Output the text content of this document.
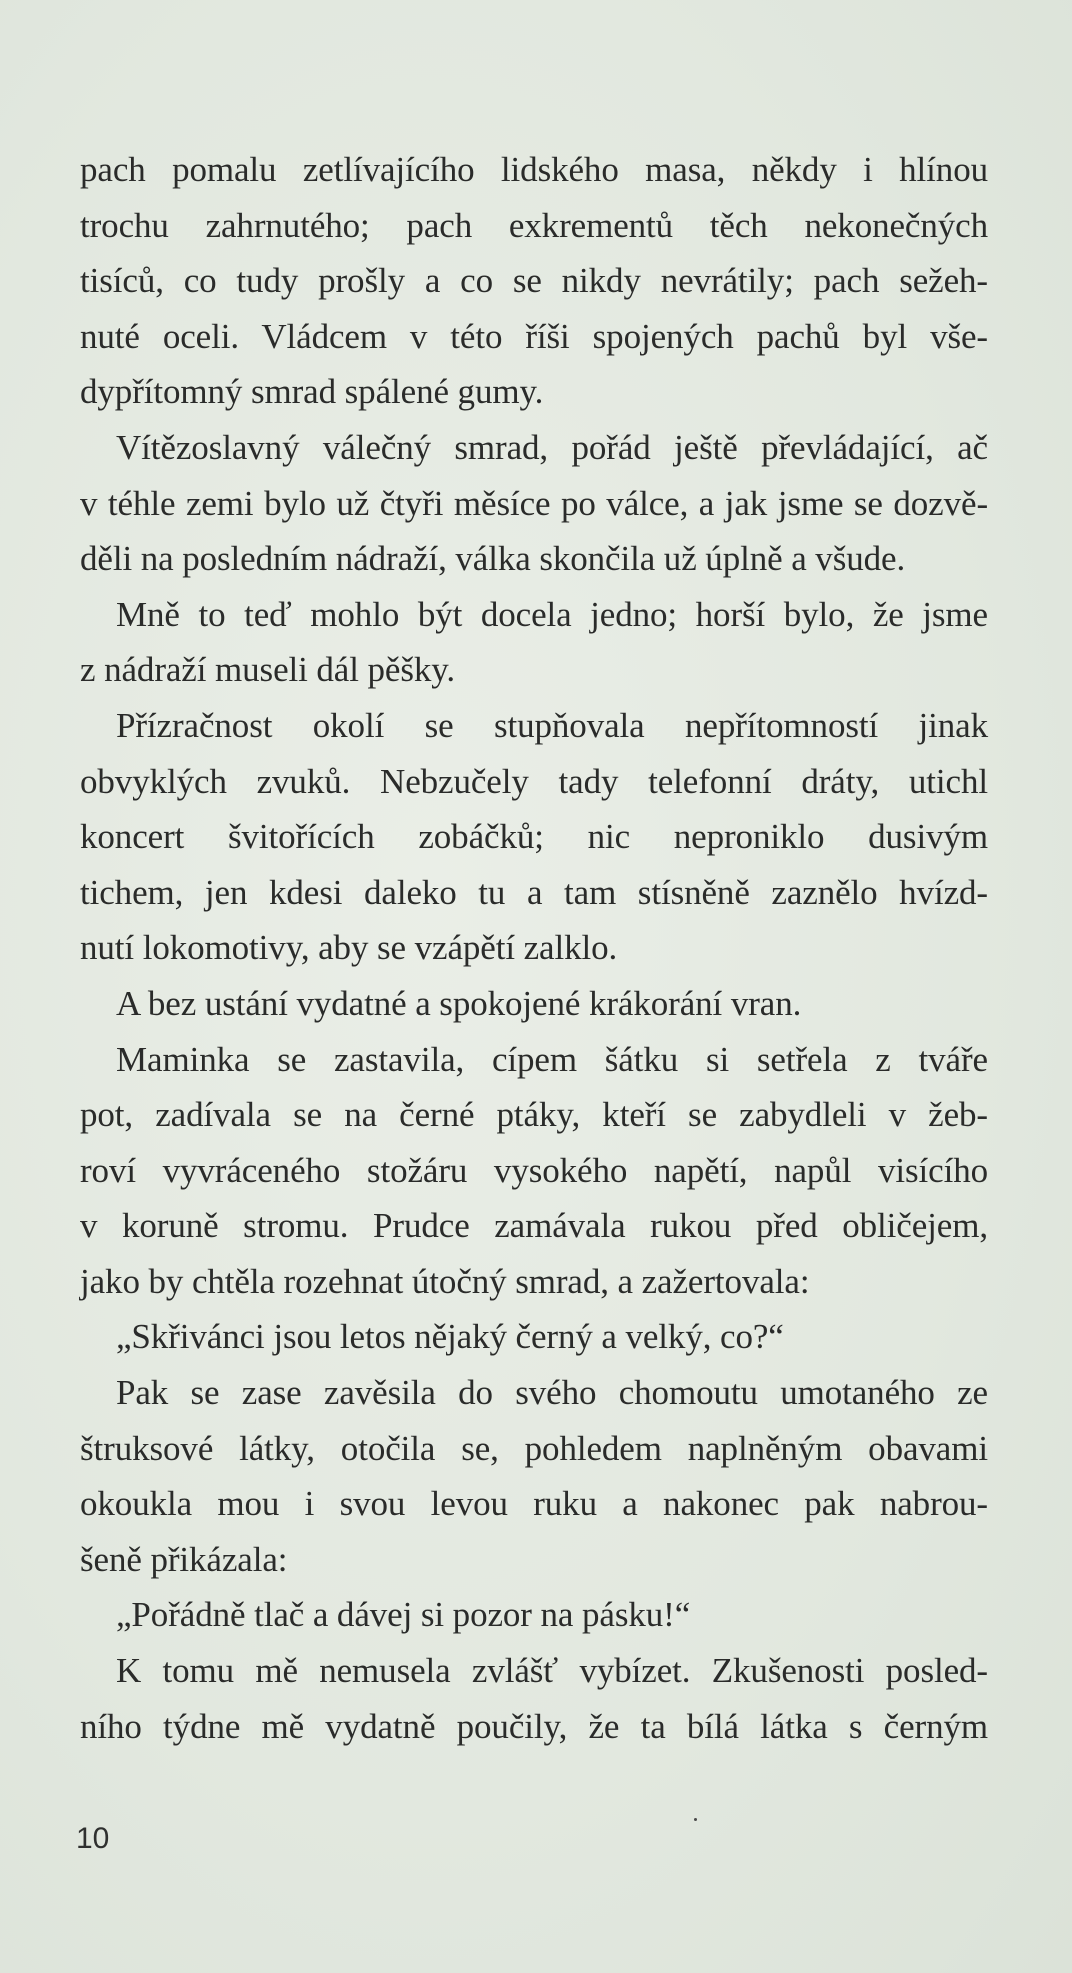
pach pomalu zetlívajícího lidského masa, někdy i hlínou
trochu zahrnutého; pach exkrementů těch nekonečných
tisíců, co tudy prošly a co se nikdy nevrátily; pach sežeh-
nuté oceli. Vládcem v této říši spojených pachů byl vše-
dypřítomný smrad spálené gumy.
Vítězoslavný válečný smrad, pořád ještě převládající, ač
v téhle zemi bylo už čtyři měsíce po válce, a jak jsme se dozvě-
děli na posledním nádraží, válka skončila už úplně a všude.
Mně to teď mohlo být docela jedno; horší bylo, že jsme
z nádraží museli dál pěšky.
Přízračnost okolí se stupňovala nepřítomností jinak
obvyklých zvuků. Nebzučely tady telefonní dráty, utichl
koncert švitořících zobáčků; nic neproniklo dusivým
tichem, jen kdesi daleko tu a tam stísněně zaznělo hvízd-
nutí lokomotivy, aby se vzápětí zalklo.
A bez ustání vydatné a spokojené krákorání vran.
Maminka se zastavila, cípem šátku si setřela z tváře
pot, zadívala se na černé ptáky, kteří se zabydleli v žeb-
roví vyvráceného stožáru vysokého napětí, napůl visícího
v koruně stromu. Prudce zamávala rukou před obličejem,
jako by chtěla rozehnat útočný smrad, a zažertovala:
„Skřivánci jsou letos nějaký černý a velký, co?“
Pak se zase zavěsila do svého chomoutu umotaného ze
štruksové látky, otočila se, pohledem naplněným obavami
okoukla mou i svou levou ruku a nakonec pak nabrou-
šeně přikázala:
„Pořádně tlač a dávej si pozor na pásku!“
K tomu mě nemusela zvlášť vybízet. Zkušenosti posled-
ního týdne mě vydatně poučily, že ta bílá látka s černým
10
